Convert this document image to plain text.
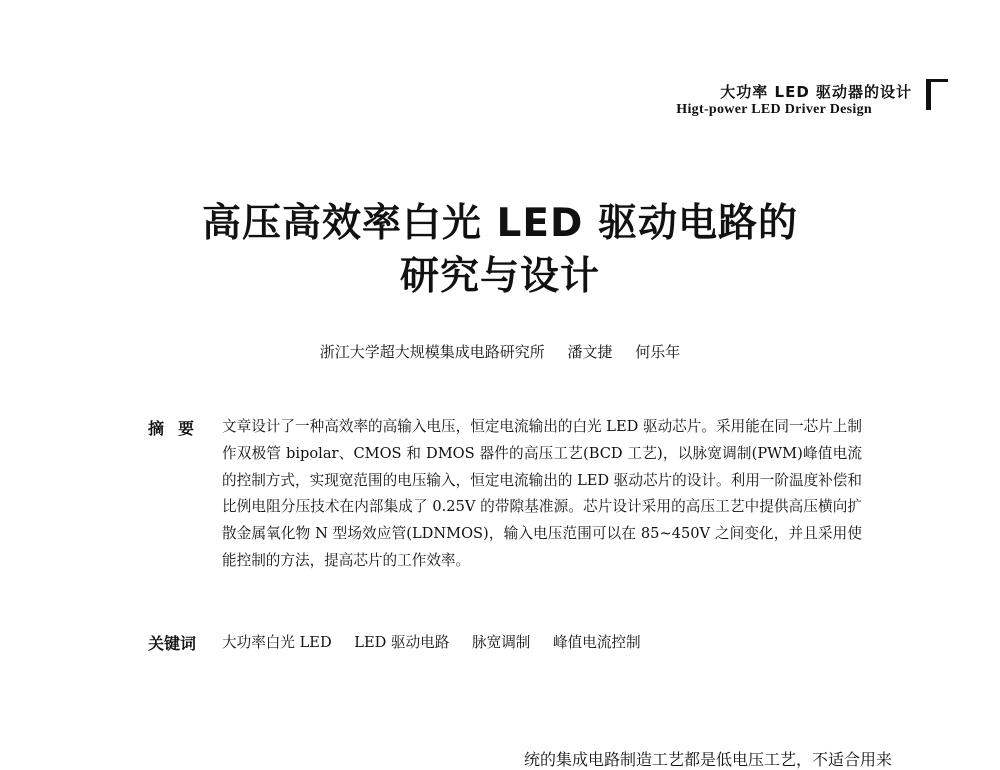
大功率 LED 驱动器的设计
Higt-power LED Driver Design
高压高效率白光 LED 驱动电路的
研究与设计
浙江大学超大规模集成电路研究所 潘文捷 何乐年
摘要 文章设计了一种高效率的高输入电压，恒定电流输出的白光 LED 驱动芯片。采用能在同一芯片上制作双极管 bipolar、CMOS 和 DMOS 器件的高压工艺(BCD 工艺)，以脉宽调制(PWM)峰值电流的控制方式，实现宽范围的电压输入，恒定电流输出的 LED 驱动芯片的设计。利用一阶温度补偿和比例电阻分压技术在内部集成了 0.25V 的带隙基准源。芯片设计采用的高压工艺中提供高压横向扩散金属氧化物 N 型场效应管(LDNMOS)，输入电压范围可以在 85~450V 之间变化，并且采用使能控制的方法，提高芯片的工作效率。

关键词 大功率白光 LED LED 驱动电路 脉宽调制 峰值电流控制
统的集成电路制造工艺都是低电压工艺，不适合用来
